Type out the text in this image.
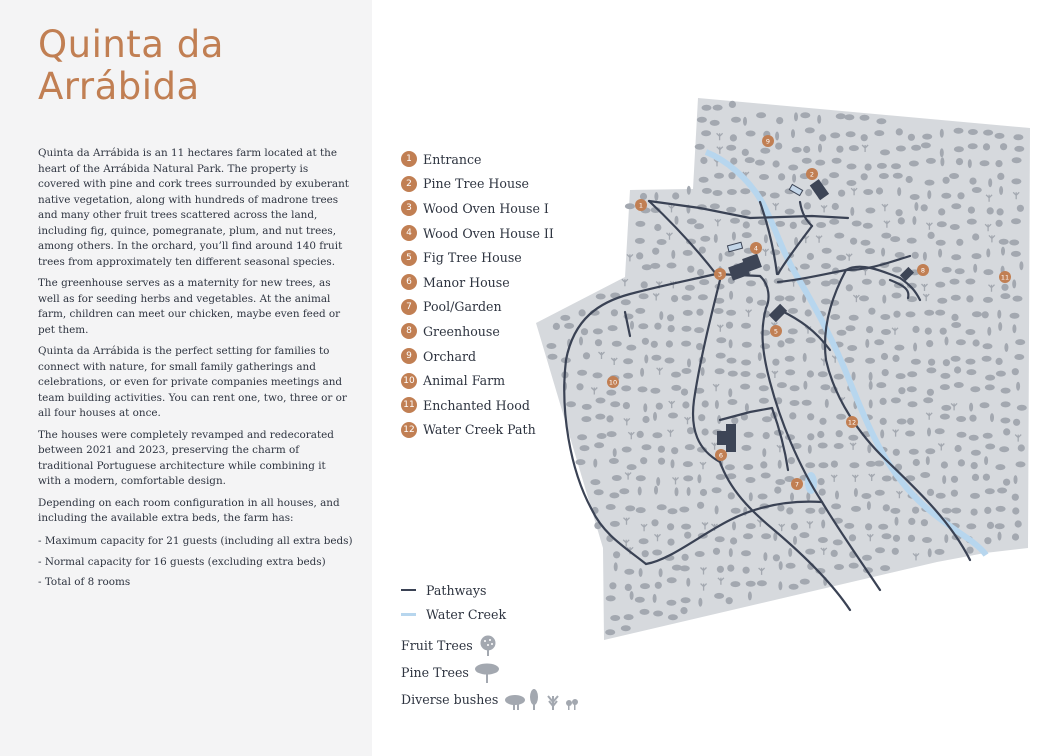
Quinta da
Arrábida

Quinta da Arrábida is an 11 hectares farm located at the heart of the Arrábida Natural Park. The property is covered with pine and cork trees surrounded by exuberant native vegetation, along with hundreds of madrone trees and many other fruit trees scattered across the land, including fig, quince, pomegranate, plum, and nut trees, among others. In the orchard, you’ll find around 140 fruit trees from approximately ten different seasonal species.

The greenhouse serves as a maternity for new trees, as well as for seeding herbs and vegetables. At the animal farm, children can meet our chicken, maybe even feed or pet them.

Quinta da Arrábida is the perfect setting for families to connect with nature, for small family gatherings and celebrations, or even for private companies meetings and team building activities. You can rent one, two, three or or all four houses at once.

The houses were completely revamped and redecorated between 2021 and 2023, preserving the charm of traditional Portuguese architecture while combining it with a modern, comfortable design.

Depending on each room configuration in all houses, and including the available extra beds, the farm has:

- Maximum capacity for 21 guests (including all extra beds)
- Normal capacity for 16 guests (excluding extra beds)
- Total of 8 rooms
1 Entrance
2 Pine Tree House
3 Wood Oven House I
4 Wood Oven House II
5 Fig Tree House
6 Manor House
7 Pool/Garden
8 Greenhouse
9 Orchard
10 Animal Farm
11 Enchanted Hood
12 Water Creek Path
Pathways
Water Creek
Fruit Trees
Pine Trees
Diverse bushes
1
2
3
4
5
6
7
8
9
10
11
12
